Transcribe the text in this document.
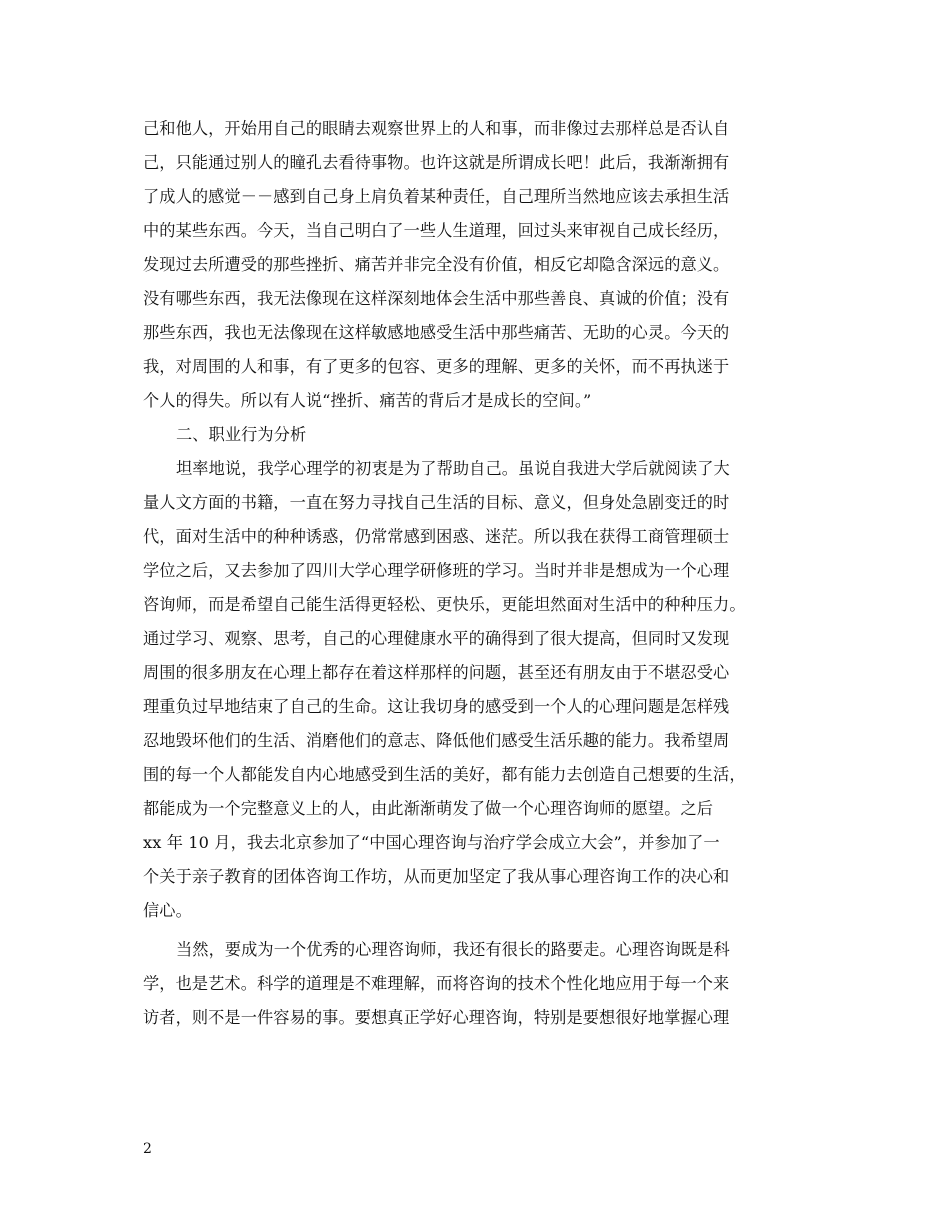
己和他人，开始用自己的眼睛去观察世界上的人和事，而非像过去那样总是否认自
己，只能通过别人的瞳孔去看待事物。也许这就是所谓成长吧！此后，我渐渐拥有
了成人的感觉－－感到自己身上肩负着某种责任，自己理所当然地应该去承担生活
中的某些东西。今天，当自己明白了一些人生道理，回过头来审视自己成长经历，
发现过去所遭受的那些挫折、痛苦并非完全没有价值，相反它却隐含深远的意义。
没有哪些东西，我无法像现在这样深刻地体会生活中那些善良、真诚的价值；没有
那些东西，我也无法像现在这样敏感地感受生活中那些痛苦、无助的心灵。今天的
我，对周围的人和事，有了更多的包容、更多的理解、更多的关怀，而不再执迷于
个人的得失。所以有人说“挫折、痛苦的背后才是成长的空间。”
二、职业行为分析
坦率地说，我学心理学的初衷是为了帮助自己。虽说自我进大学后就阅读了大
量人文方面的书籍，一直在努力寻找自己生活的目标、意义，但身处急剧变迁的时
代，面对生活中的种种诱惑，仍常常感到困惑、迷茫。所以我在获得工商管理硕士
学位之后，又去参加了四川大学心理学研修班的学习。当时并非是想成为一个心理
咨询师，而是希望自己能生活得更轻松、更快乐，更能坦然面对生活中的种种压力。
通过学习、观察、思考，自己的心理健康水平的确得到了很大提高，但同时又发现
周围的很多朋友在心理上都存在着这样那样的问题，甚至还有朋友由于不堪忍受心
理重负过早地结束了自己的生命。这让我切身的感受到一个人的心理问题是怎样残
忍地毁坏他们的生活、消磨他们的意志、降低他们感受生活乐趣的能力。我希望周
围的每一个人都能发自内心地感受到生活的美好，都有能力去创造自己想要的生活，
都能成为一个完整意义上的人，由此渐渐萌发了做一个心理咨询师的愿望。之后
xx 年 10 月，我去北京参加了“中国心理咨询与治疗学会成立大会”，并参加了一
个关于亲子教育的团体咨询工作坊，从而更加坚定了我从事心理咨询工作的决心和
信心。
当然，要成为一个优秀的心理咨询师，我还有很长的路要走。心理咨询既是科
学，也是艺术。科学的道理是不难理解，而将咨询的技术个性化地应用于每一个来
访者，则不是一件容易的事。要想真正学好心理咨询，特别是要想很好地掌握心理
2
